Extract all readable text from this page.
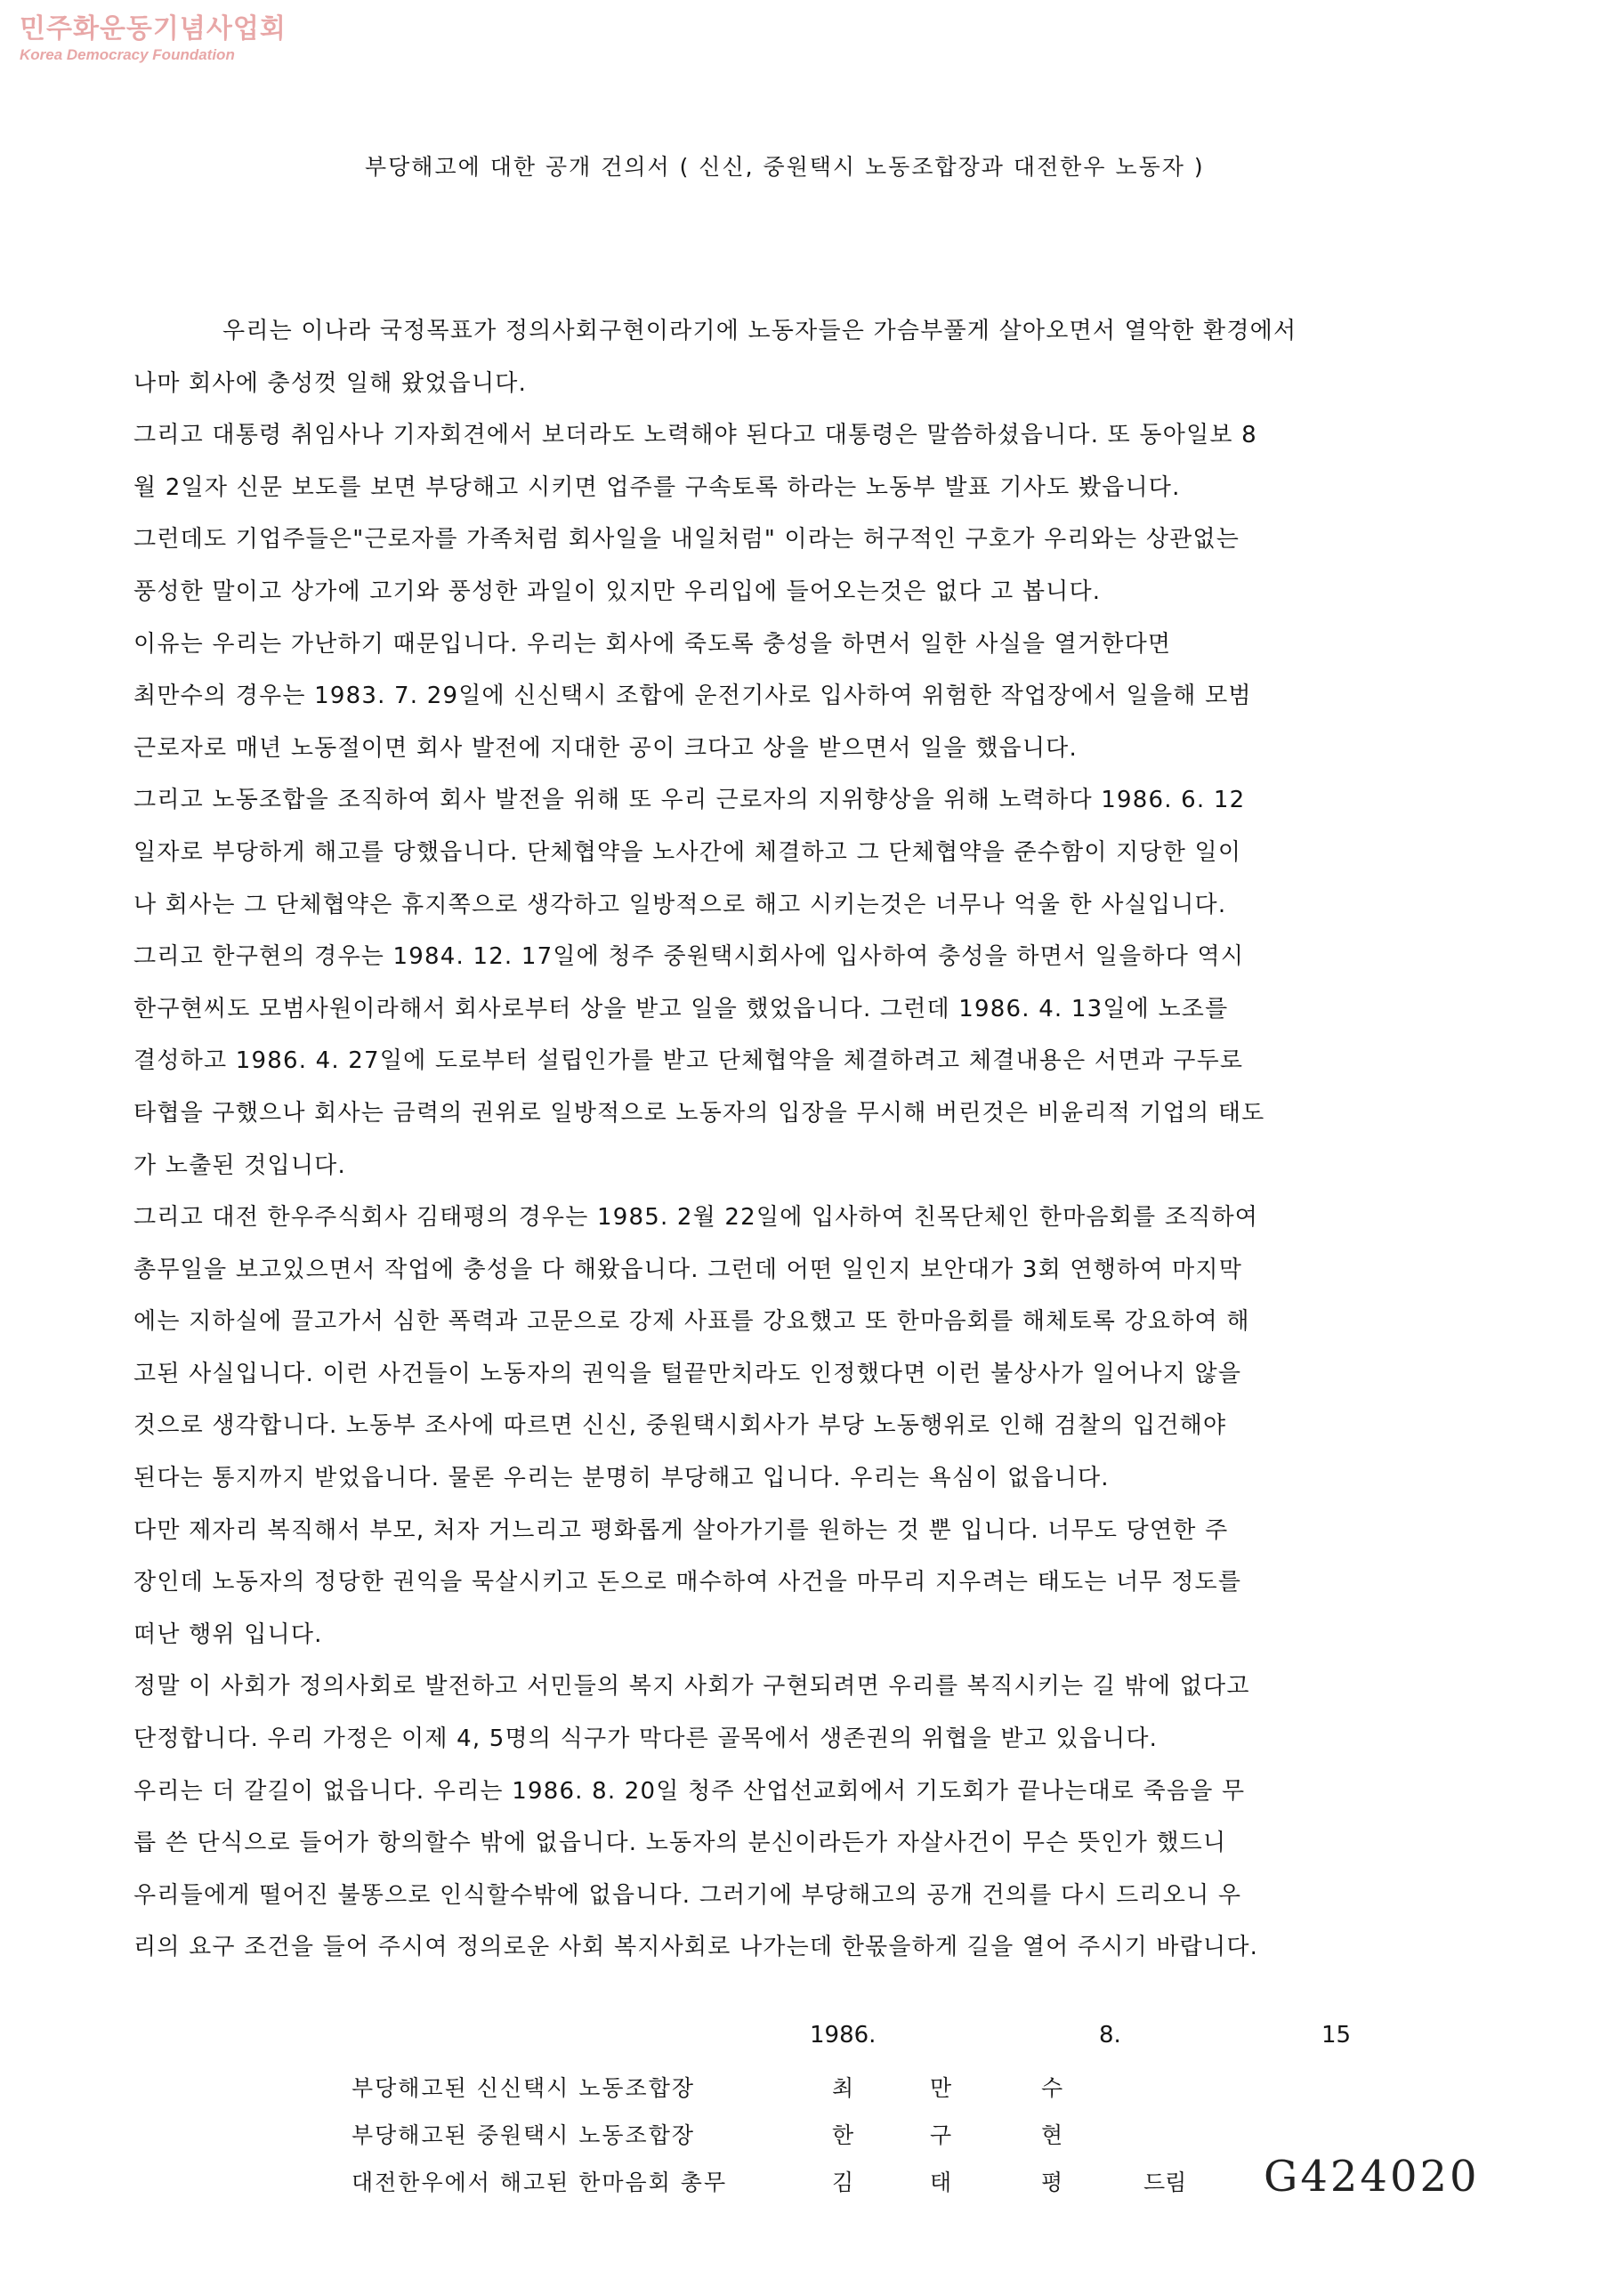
민주화운동기념사업회
Korea Democracy Foundation
부당해고에 대한 공개 건의서 ( 신신, 중원택시 노동조합장과 대전한우 노동자 )
우리는 이나라 국정목표가 정의사회구현이라기에 노동자들은 가슴부풀게 살아오면서 열악한 환경에서
나마 회사에 충성껏 일해 왔었읍니다.
그리고 대통령 취임사나 기자회견에서 보더라도 노력해야 된다고 대통령은 말씀하셨읍니다. 또 동아일보 8
월 2일자 신문 보도를 보면 부당해고 시키면 업주를 구속토록 하라는 노동부 발표 기사도 봤읍니다.
그런데도 기업주들은"근로자를 가족처럼 회사일을 내일처럼" 이라는 허구적인 구호가 우리와는 상관없는
풍성한 말이고 상가에 고기와 풍성한 과일이 있지만 우리입에 들어오는것은 없다 고 봅니다.
이유는 우리는 가난하기 때문입니다. 우리는 회사에 죽도록 충성을 하면서 일한 사실을 열거한다면
최만수의 경우는 1983. 7. 29일에 신신택시 조합에 운전기사로 입사하여 위험한 작업장에서 일을해 모범
근로자로 매년 노동절이면 회사 발전에 지대한 공이 크다고 상을 받으면서 일을 했읍니다.
그리고 노동조합을 조직하여 회사 발전을 위해 또 우리 근로자의 지위향상을 위해 노력하다 1986. 6. 12
일자로 부당하게 해고를 당했읍니다. 단체협약을 노사간에 체결하고 그 단체협약을 준수함이 지당한 일이
나 회사는 그 단체협약은 휴지쪽으로 생각하고 일방적으로 해고 시키는것은 너무나 억울 한 사실입니다.
그리고 한구현의 경우는 1984. 12. 17일에 청주 중원택시회사에 입사하여 충성을 하면서 일을하다 역시
한구현씨도 모범사원이라해서 회사로부터 상을 받고 일을 했었읍니다. 그런데 1986. 4. 13일에 노조를
결성하고 1986. 4. 27일에 도로부터 설립인가를 받고 단체협약을 체결하려고 체결내용은 서면과 구두로
타협을 구했으나 회사는 금력의 권위로 일방적으로 노동자의 입장을 무시해 버린것은 비윤리적 기업의 태도
가 노출된 것입니다.
그리고 대전 한우주식회사 김태평의 경우는 1985. 2월 22일에 입사하여 친목단체인 한마음회를 조직하여
총무일을 보고있으면서 작업에 충성을 다 해왔읍니다. 그런데 어떤 일인지 보안대가 3회 연행하여 마지막
에는 지하실에 끌고가서 심한 폭력과 고문으로 강제 사표를 강요했고 또 한마음회를 해체토록 강요하여 해
고된 사실입니다. 이런 사건들이 노동자의 권익을 털끝만치라도 인정했다면 이런 불상사가 일어나지 않을
것으로 생각합니다. 노동부 조사에 따르면 신신, 중원택시회사가 부당 노동행위로 인해 검찰의 입건해야
된다는 통지까지 받었읍니다. 물론 우리는 분명히 부당해고 입니다. 우리는 욕심이 없읍니다.
다만 제자리 복직해서 부모, 처자 거느리고 평화롭게 살아가기를 원하는 것 뿐 입니다. 너무도 당연한 주
장인데 노동자의 정당한 권익을 묵살시키고 돈으로 매수하여 사건을 마무리 지우려는 태도는 너무 정도를
떠난 행위 입니다.
정말 이 사회가 정의사회로 발전하고 서민들의 복지 사회가 구현되려면 우리를 복직시키는 길 밖에 없다고
단정합니다. 우리 가정은 이제 4, 5명의 식구가 막다른 골목에서 생존권의 위협을 받고 있읍니다.
우리는 더 갈길이 없읍니다. 우리는 1986. 8. 20일 청주 산업선교회에서 기도회가 끝나는대로 죽음을 무
릅 쓴 단식으로 들어가 항의할수 밖에 없읍니다. 노동자의 분신이라든가 자살사건이 무슨 뜻인가 했드니
우리들에게 떨어진 불똥으로 인식할수밖에 없읍니다. 그러기에 부당해고의 공개 건의를 다시 드리오니 우
리의 요구 조건을 들어 주시여 정의로운 사회 복지사회로 나가는데 한몫을하게 길을 열어 주시기 바랍니다.
1986.	8.	15
부당해고된 신신택시 노동조합장	최	만	수
부당해고된 중원택시 노동조합장	한	구	현
대전한우에서 해고된 한마음회 총무	김	태	평	드림 G424020
